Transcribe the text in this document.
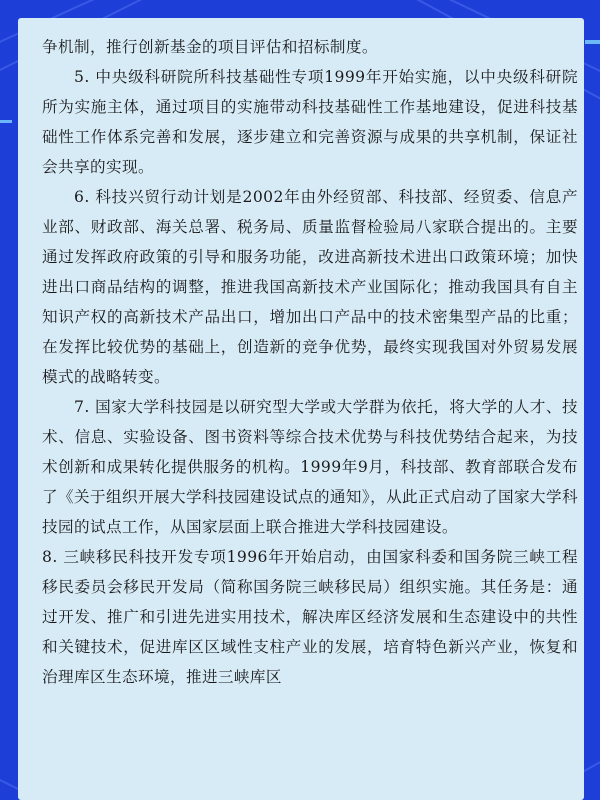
争机制，推行创新基金的项目评估和招标制度。

5. 中央级科研院所科技基础性专项1999年开始实施，以中央级科研院所为实施主体，通过项目的实施带动科技基础性工作基地建设，促进科技基础性工作体系完善和发展，逐步建立和完善资源与成果的共享机制，保证社会共享的实现。

6. 科技兴贸行动计划是2002年由外经贸部、科技部、经贸委、信息产业部、财政部、海关总署、税务局、质量监督检验局八家联合提出的。主要通过发挥政府政策的引导和服务功能，改进高新技术进出口政策环境；加快进出口商品结构的调整，推进我国高新技术产业国际化；推动我国具有自主知识产权的高新技术产品出口，增加出口产品中的技术密集型产品的比重；在发挥比较优势的基础上，创造新的竞争优势，最终实现我国对外贸易发展模式的战略转变。

7. 国家大学科技园是以研究型大学或大学群为依托，将大学的人才、技术、信息、实验设备、图书资料等综合技术优势与科技优势结合起来，为技术创新和成果转化提供服务的机构。1999年9月，科技部、教育部联合发布了《关于组织开展大学科技园建设试点的通知》，从此正式启动了国家大学科技园的试点工作，从国家层面上联合推进大学科技园建设。

8. 三峡移民科技开发专项1996年开始启动，由国家科委和国务院三峡工程移民委员会移民开发局（简称国务院三峡移民局）组织实施。其任务是：通过开发、推广和引进先进实用技术，解决库区经济发展和生态建设中的共性和关键技术，促进库区区域性支柱产业的发展，培育特色新兴产业，恢复和治理库区生态环境，推进三峡库区
